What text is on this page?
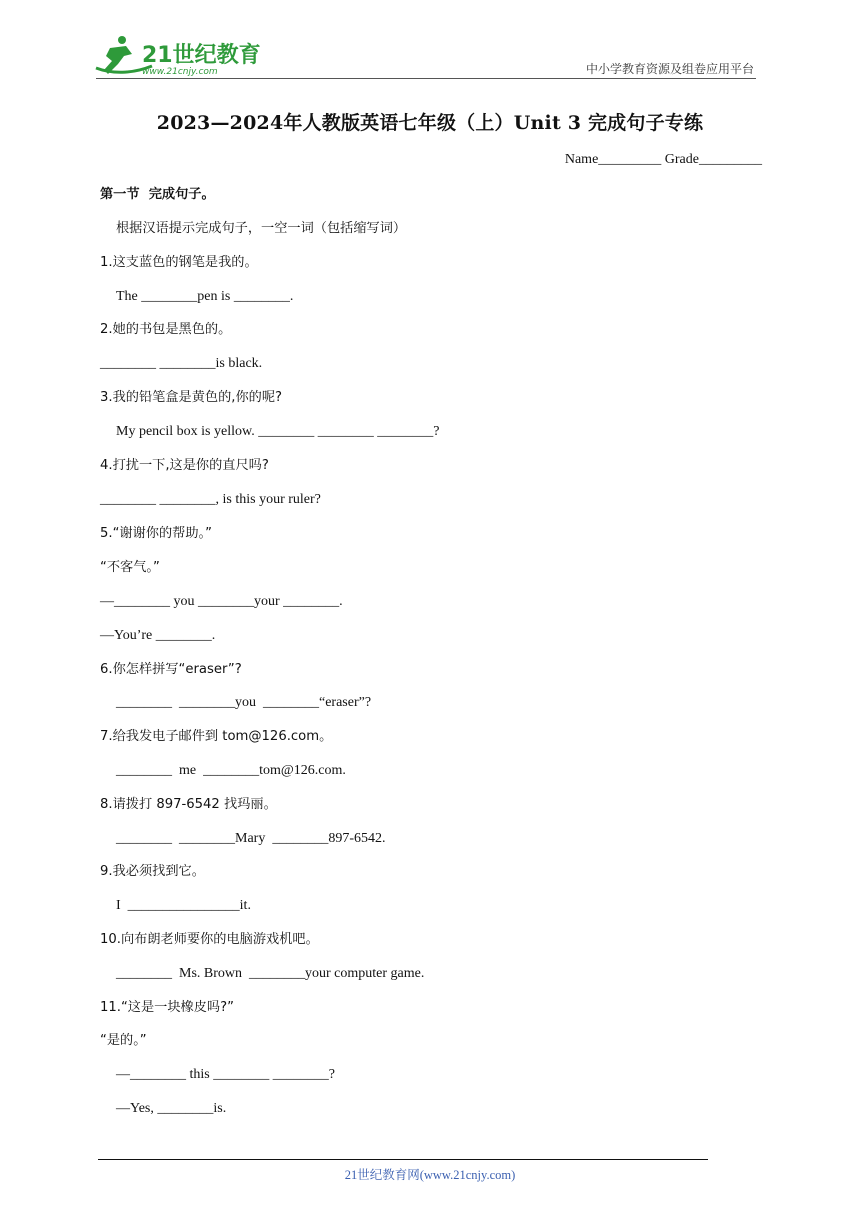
21世纪教育
www.21cnjy.com	中小学教育资源及组卷应用平台
2023—2024年人教版英语七年级（上）Unit 3 完成句子专练
Name_________ Grade_________
第一节  完成句子。
根据汉语提示完成句子，一空一词（包括缩写词）
1.这支蓝色的钢笔是我的。
The ________pen is ________.
2.她的书包是黑色的。
________ ________is black.
3.我的铅笔盒是黄色的,你的呢?
My pencil box is yellow. ________ ________ ________?
4.打扰一下,这是你的直尺吗?
________ ________, is this your ruler?
5.“谢谢你的帮助。”
“不客气。”
—________ you ________your ________.
—You’re ________.
6.你怎样拼写“eraser”?
________  ________you  ________“eraser”?
7.给我发电子邮件到 tom@126.com。
________  me  ________tom@126.com.
8.请拨打 897-6542 找玛丽。
________  ________Mary  ________897-6542.
9.我必须找到它。
I  ________________it.
10.向布朗老师要你的电脑游戏机吧。
________  Ms. Brown  ________your computer game.
11.“这是一块橡皮吗?”
“是的。”
—________ this ________ ________?
—Yes, ________is.
21世纪教育网(www.21cnjy.com)
